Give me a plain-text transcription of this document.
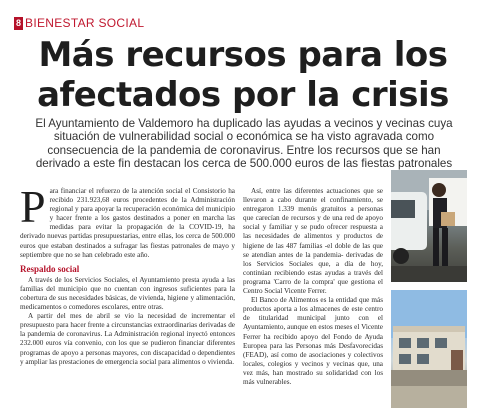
8 BIENESTAR SOCIAL
Más recursos para los
afectados por la crisis
El Ayuntamiento de Valdemoro ha duplicado las ayudas a vecinos y vecinas cuya situación de vulnerabilidad social o económica se ha visto agravada como consecuencia de la pandemia de coronavirus. Entre los recursos que se han derivado a este fin destacan los cerca de 500.000 euros de las fiestas patronales
P ara financiar el refuerzo de la atención social el Consistorio ha recibido 231.923,68 euros procedentes de la Administración regional y para apoyar la recuperación económica del municipio y hacer frente a los gastos destinados a poner en marcha las medidas para evitar la propagación de la COVID-19, ha derivado nuevas partidas presupuestarias, entre ellas, los cerca de 500.000 euros que estaban destinados a sufragar las fiestas patronales de mayo y septiembre que no se han celebrado este año.

Respaldo social

A través de los Servicios Sociales, el Ayuntamiento presta ayuda a las familias del municipio que no cuentan con ingresos suficientes para la cobertura de sus necesidades básicas, de vivienda, higiene y alimentación, medicamentos o comedores escolares, entre otras.

A partir del mes de abril se vio la necesidad de incrementar el presupuesto para hacer frente a circunstancias extraordinarias derivadas de la pandemia de coronavirus. La Administración regional inyectó entonces 232.000 euros vía convenio, con los que se pudieron financiar diferentes programas de apoyo a personas mayores, con discapacidad o dependientes y ampliar las prestaciones de emergencia social para alimentos o vivienda.

Así, entre las diferentes actuaciones que se llevaron a cabo durante el confinamiento, se entregaron 1.339 menús gratuitos a personas que carecían de recursos y de una red de apoyo social y familiar y se pudo ofrecer respuesta a las necesidades de alimentos y productos de higiene de las 487 familias -el doble de las que se atendían antes de la pandemia- derivadas de los Servicios Sociales que, a día de hoy, continúan recibiendo estas ayudas a través del programa 'Carro de la compra' que gestiona el Centro Social Vicente Ferrer.

El Banco de Alimentos es la entidad que más productos aporta a los almacenes de este centro de titularidad municipal junto con el Ayuntamiento, aunque en estos meses el Vicente Ferrer ha recibido apoyo del Fondo de Ayuda Europea para las Personas más Desfavorecidas (FEAD), así como de asociaciones y colectivos locales, colegios y vecinos y vecinas que, una vez más, han mostrado su solidaridad con los más vulnerables.
